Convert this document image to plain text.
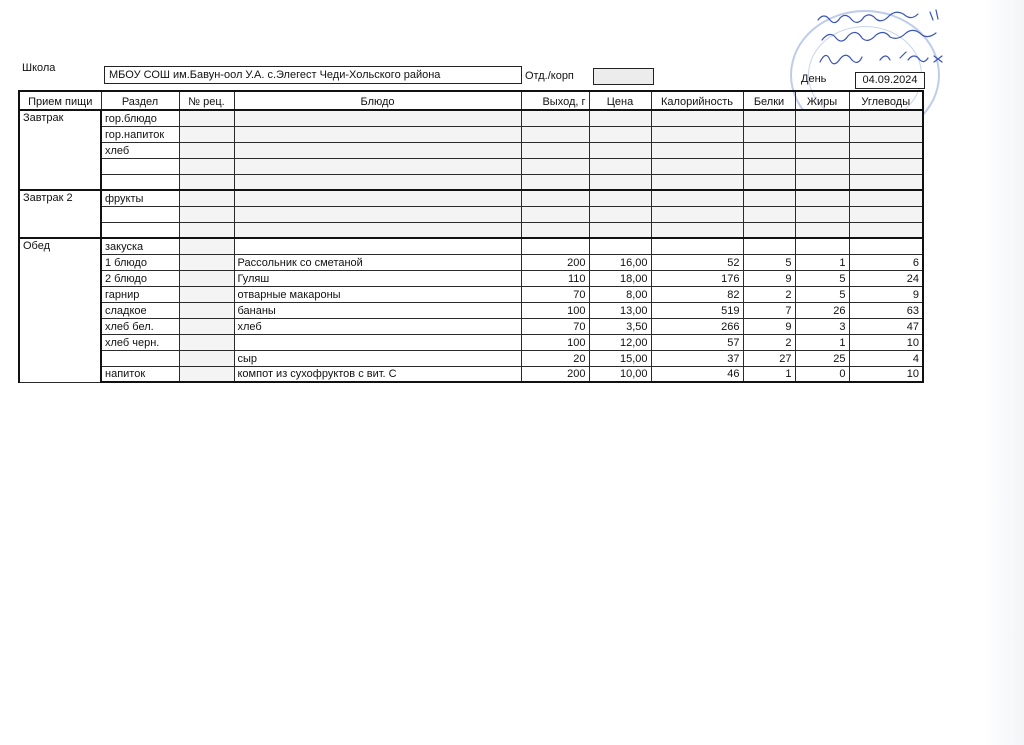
Школа
МБОУ СОШ им.Бавун-оол У.А. с.Элегест Чеди-Хольского района	Отд./корп	День	04.09.2024
Прием пищи	Раздел	№ рец.	Блюдо	Выход, г	Цена	Калорийность	Белки	Жиры	Углеводы
Завтрак	гор.блюдо								
	гор.напиток								
	хлеб								

Завтрак 2	фрукты								

Обед	закуска								
	1 блюдо		Рассольник со сметаной	200	16,00	52	5	1	6
	2 блюдо		Гуляш	110	18,00	176	9	5	24
	гарнир		отварные макароны	70	8,00	82	2	5	9
	сладкое		бананы	100	13,00	519	7	26	63
	хлеб бел.		хлеб	70	3,50	266	9	3	47
	хлеб черн.			100	12,00	57	2	1	10
			сыр	20	15,00	37	27	25	4
	напиток		компот из сухофруктов с вит. С	200	10,00	46	1	0	10
